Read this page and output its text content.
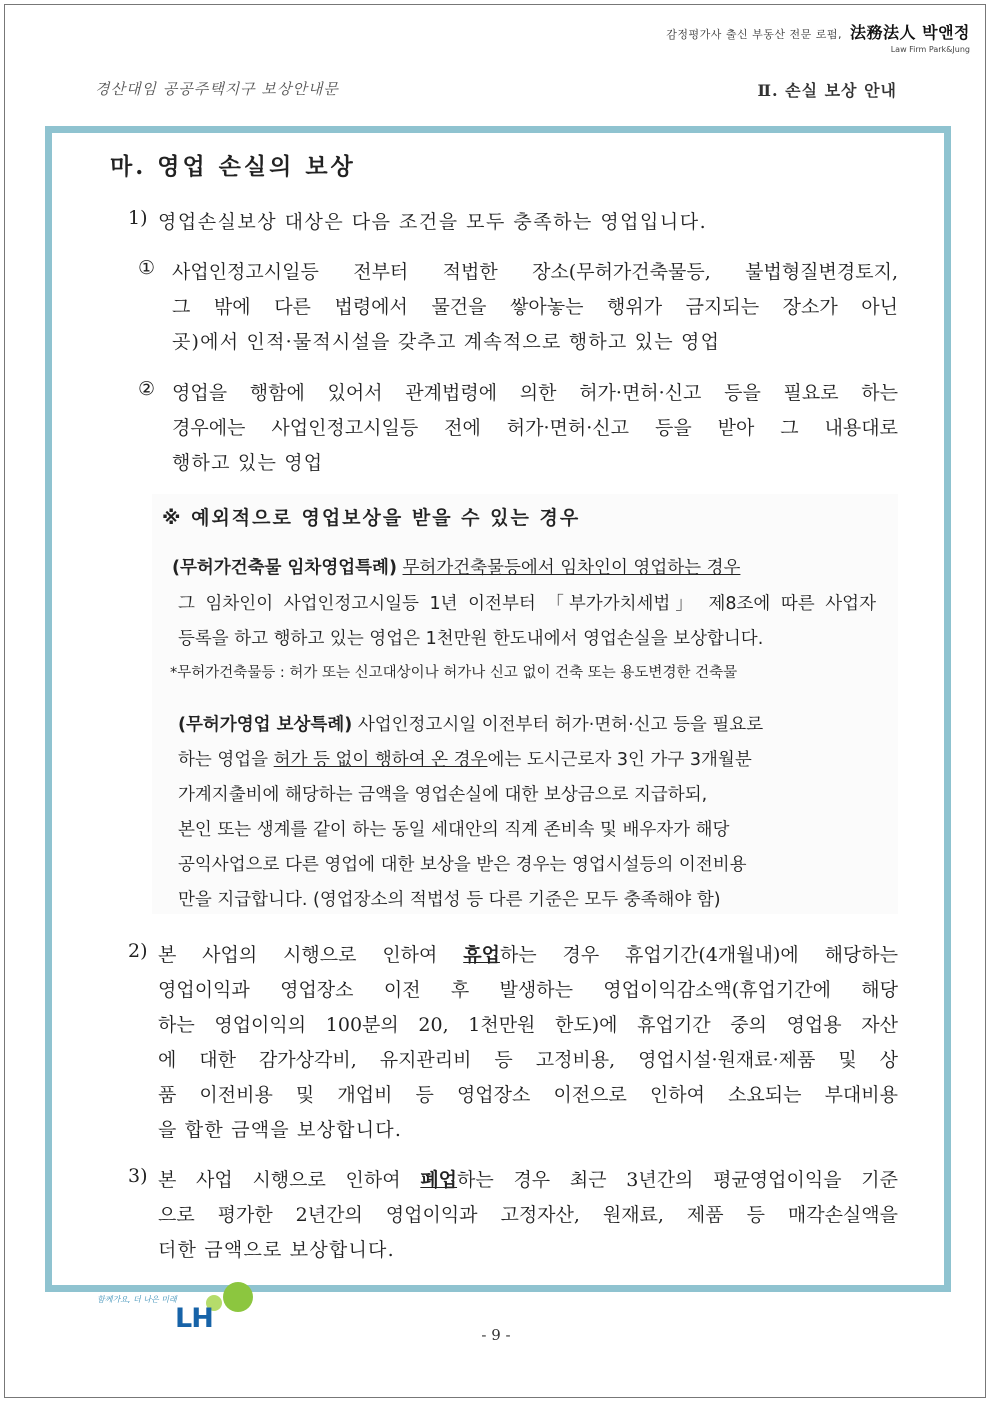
감정평가사 출신 부동산 전문 로펌, 法務法人 박앤정
Law Firm Park&Jung
경산대임 공공주택지구 보상안내문	Ⅱ. 손실 보상 안내
마. 영업 손실의 보상
1) 영업손실보상 대상은 다음 조건을 모두 충족하는 영업입니다.
① 사업인정고시일등 전부터 적법한 장소(무허가건축물등, 불법형질변경토지,
그 밖에 다른 법령에서 물건을 쌓아놓는 행위가 금지되는 장소가 아닌
곳)에서 인적·물적시설을 갖추고 계속적으로 행하고 있는 영업
② 영업을 행함에 있어서 관계법령에 의한 허가·면허·신고 등을 필요로 하는
경우에는 사업인정고시일등 전에 허가·면허·신고 등을 받아 그 내용대로
행하고 있는 영업
※ 예외적으로 영업보상을 받을 수 있는 경우
(무허가건축물 임차영업특례) 무허가건축물등에서 임차인이 영업하는 경우
그 임차인이 사업인정고시일등 1년 이전부터 「부가가치세법」 제8조에 따른 사업자
등록을 하고 행하고 있는 영업은 1천만원 한도내에서 영업손실을 보상합니다.
*무허가건축물등 : 허가 또는 신고대상이나 허가나 신고 없이 건축 또는 용도변경한 건축물
(무허가영업 보상특례) 사업인정고시일 이전부터 허가·면허·신고 등을 필요로
하는 영업을 허가 등 없이 행하여 온 경우에는 도시근로자 3인 가구 3개월분
가계지출비에 해당하는 금액을 영업손실에 대한 보상금으로 지급하되,
본인 또는 생계를 같이 하는 동일 세대안의 직계 존비속 및 배우자가 해당
공익사업으로 다른 영업에 대한 보상을 받은 경우는 영업시설등의 이전비용
만을 지급합니다. (영업장소의 적법성 등 다른 기준은 모두 충족해야 함)
2) 본 사업의 시행으로 인하여 휴업하는 경우 휴업기간(4개월내)에 해당하는
영업이익과 영업장소 이전 후 발생하는 영업이익감소액(휴업기간에 해당
하는 영업이익의 100분의 20, 1천만원 한도)에 휴업기간 중의 영업용 자산
에 대한 감가상각비, 유지관리비 등 고정비용, 영업시설·원재료·제품 및 상
품 이전비용 및 개업비 등 영업장소 이전으로 인하여 소요되는 부대비용
을 합한 금액을 보상합니다.
3) 본 사업 시행으로 인하여 폐업하는 경우 최근 3년간의 평균영업이익을 기준
으로 평가한 2년간의 영업이익과 고정자산, 원재료, 제품 등 매각손실액을
더한 금액으로 보상합니다.
함께가요, 더 나은 미래
LH
- 9 -
